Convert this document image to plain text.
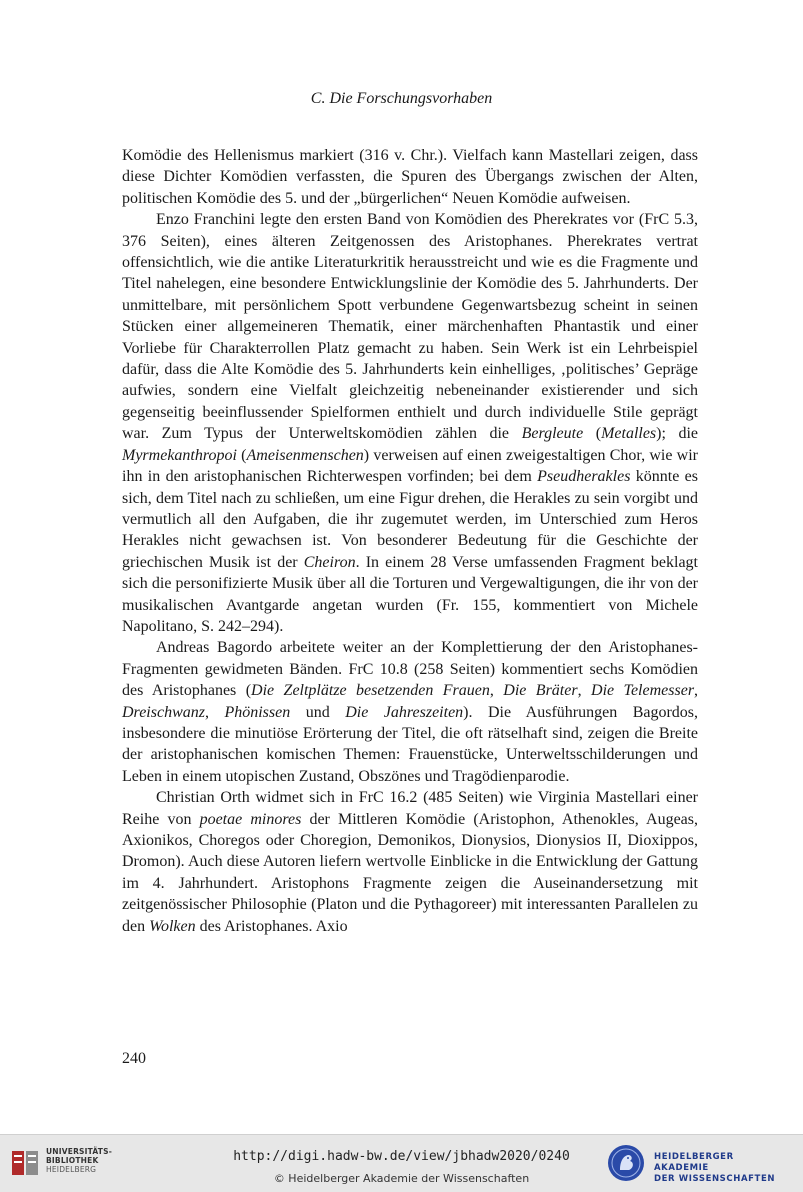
C. Die Forschungsvorhaben

Komödie des Hellenismus markiert (316 v. Chr.). Vielfach kann Mastellari zeigen, dass diese Dichter Komödien verfassten, die Spuren des Übergangs zwischen der Alten, politischen Komödie des 5. und der „bürgerlichen“ Neuen Komödie aufweisen.

Enzo Franchini legte den ersten Band von Komödien des Pherekrates vor (FrC 5.3, 376 Seiten), eines älteren Zeitgenossen des Aristophanes. Pherekrates vertrat offensichtlich, wie die antike Literaturkritik herausstreicht und wie es die Fragmente und Titel nahelegen, eine besondere Entwicklungslinie der Komödie des 5. Jahrhunderts. Der unmittelbare, mit persönlichem Spott verbundene Gegenwartsbezug scheint in seinen Stücken einer allgemeineren Thematik, einer märchenhaften Phantastik und einer Vorliebe für Charakterrollen Platz gemacht zu haben. Sein Werk ist ein Lehrbeispiel dafür, dass die Alte Komödie des 5. Jahrhunderts kein einhelliges, ‚politisches’ Gepräge aufwies, sondern eine Vielfalt gleichzeitig nebeneinander existierender und sich gegenseitig beeinflussender Spielformen enthielt und durch individuelle Stile geprägt war. Zum Typus der Unterweltskomödien zählen die Bergleute (Metalles); die Myrmekanthropoi (Ameisenmenschen) verweisen auf einen zweigestaltigen Chor, wie wir ihn in den aristophanischen Richterwespen vorfinden; bei dem Pseudherakles könnte es sich, dem Titel nach zu schließen, um eine Figur drehen, die Herakles zu sein vorgibt und vermutlich all den Aufgaben, die ihr zugemutet werden, im Unterschied zum Heros Herakles nicht gewachsen ist. Von besonderer Bedeutung für die Geschichte der griechischen Musik ist der Cheiron. In einem 28 Verse umfassenden Fragment beklagt sich die personifizierte Musik über all die Torturen und Vergewaltigungen, die ihr von der musikalischen Avantgarde angetan wurden (Fr. 155, kommentiert von Michele Napolitano, S. 242–294).

Andreas Bagordo arbeitete weiter an der Komplettierung der den Aristophanes-Fragmenten gewidmeten Bänden. FrC 10.8 (258 Seiten) kommentiert sechs Komödien des Aristophanes (Die Zeltplätze besetzenden Frauen, Die Bräter, Die Telemesser, Dreischwanz, Phönissen und Die Jahreszeiten). Die Ausführungen Bagordos, insbesondere die minutiöse Erörterung der Titel, die oft rätselhaft sind, zeigen die Breite der aristophanischen komischen Themen: Frauenstücke, Unterweltsschilderungen und Leben in einem utopischen Zustand, Obszönes und Tragödienparodie.

Christian Orth widmet sich in FrC 16.2 (485 Seiten) wie Virginia Mastellari einer Reihe von poetae minores der Mittleren Komödie (Aristophon, Athenokles, Augeas, Axionikos, Choregos oder Choregion, Demonikos, Dionysios, Dionysios II, Dioxippos, Dromon). Auch diese Autoren liefern wertvolle Einblicke in die Entwicklung der Gattung im 4. Jahrhundert. Aristophons Fragmente zeigen die Auseinandersetzung mit zeitgenössischer Philosophie (Platon und die Pythagoreer) mit interessanten Parallelen zu den Wolken des Aristophanes. Axio

240
UNIVERSITÄTS-
BIBLIOTHEK
HEIDELBERG
http://digi.hadw-bw.de/view/jbhadw2020/0240
© Heidelberger Akademie der Wissenschaften
HEIDELBERGER AKADEMIE
DER WISSENSCHAFTEN
